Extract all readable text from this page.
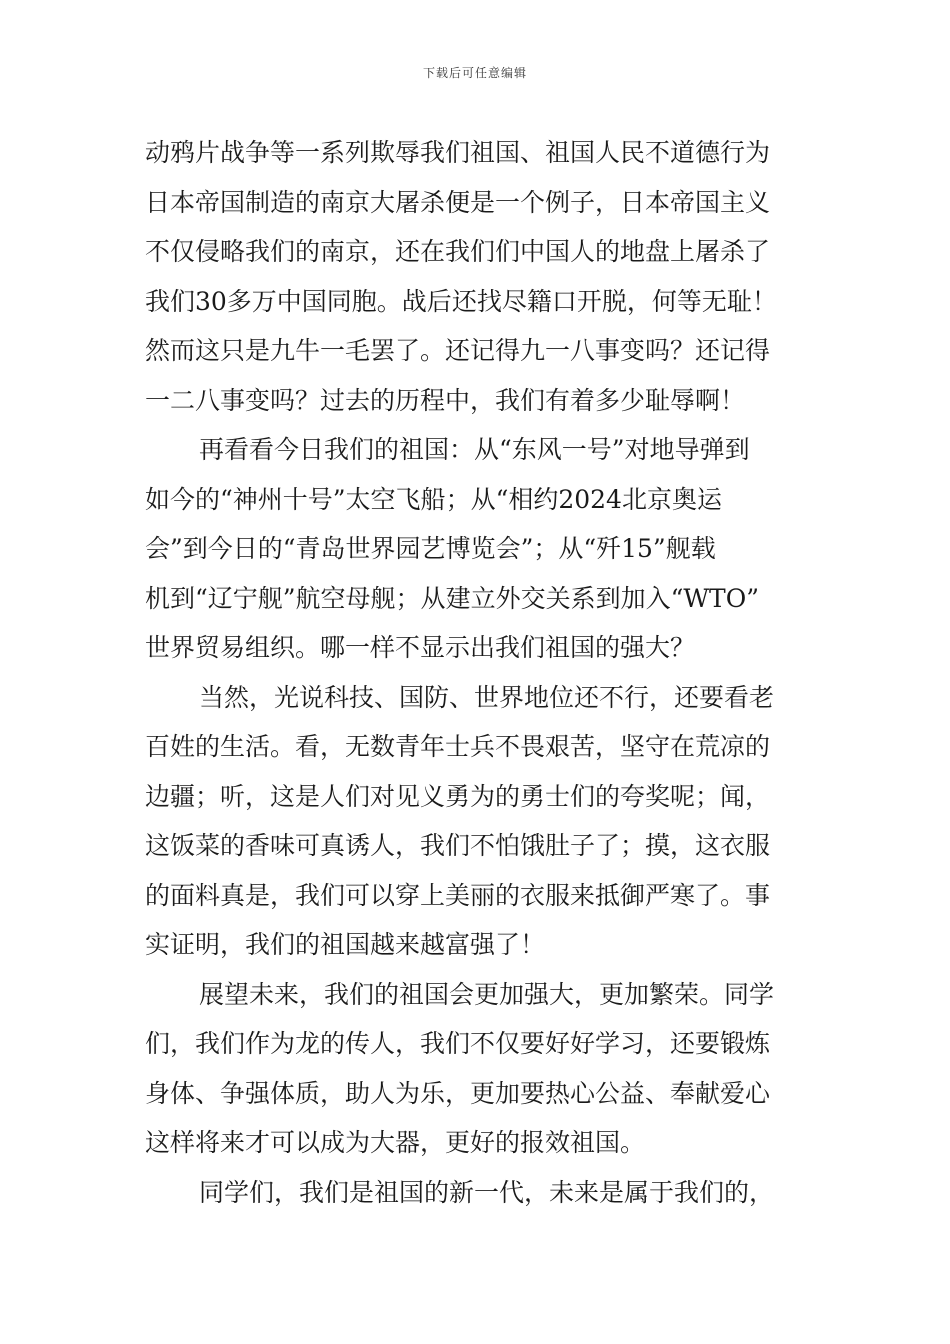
下载后可任意编辑
动鸦片战争等一系列欺辱我们祖国、祖国人民不道德行为
日本帝国制造的南京大屠杀便是一个例子，日本帝国主义
不仅侵略我们的南京，还在我们们中国人的地盘上屠杀了
我们30多万中国同胞。战后还找尽籍口开脱，何等无耻！
然而这只是九牛一毛罢了。还记得九一八事变吗？还记得
一二八事变吗？过去的历程中，我们有着多少耻辱啊！
再看看今日我们的祖国：从“东风一号”对地导弹到
如今的“神州十号”太空飞船；从“相约2024北京奥运
会”到今日的“青岛世界园艺博览会”；从“歼15”舰载
机到“辽宁舰”航空母舰；从建立外交关系到加入“WTO”
世界贸易组织。哪一样不显示出我们祖国的强大？
当然，光说科技、国防、世界地位还不行，还要看老
百姓的生活。看，无数青年士兵不畏艰苦，坚守在荒凉的
边疆；听，这是人们对见义勇为的勇士们的夸奖呢；闻，
这饭菜的香味可真诱人，我们不怕饿肚子了；摸，这衣服
的面料真是，我们可以穿上美丽的衣服来抵御严寒了。事
实证明，我们的祖国越来越富强了！
展望未来，我们的祖国会更加强大，更加繁荣。同学
们，我们作为龙的传人，我们不仅要好好学习，还要锻炼
身体、争强体质，助人为乐，更加要热心公益、奉献爱心
这样将来才可以成为大器，更好的报效祖国。
同学们，我们是祖国的新一代，未来是属于我们的，
